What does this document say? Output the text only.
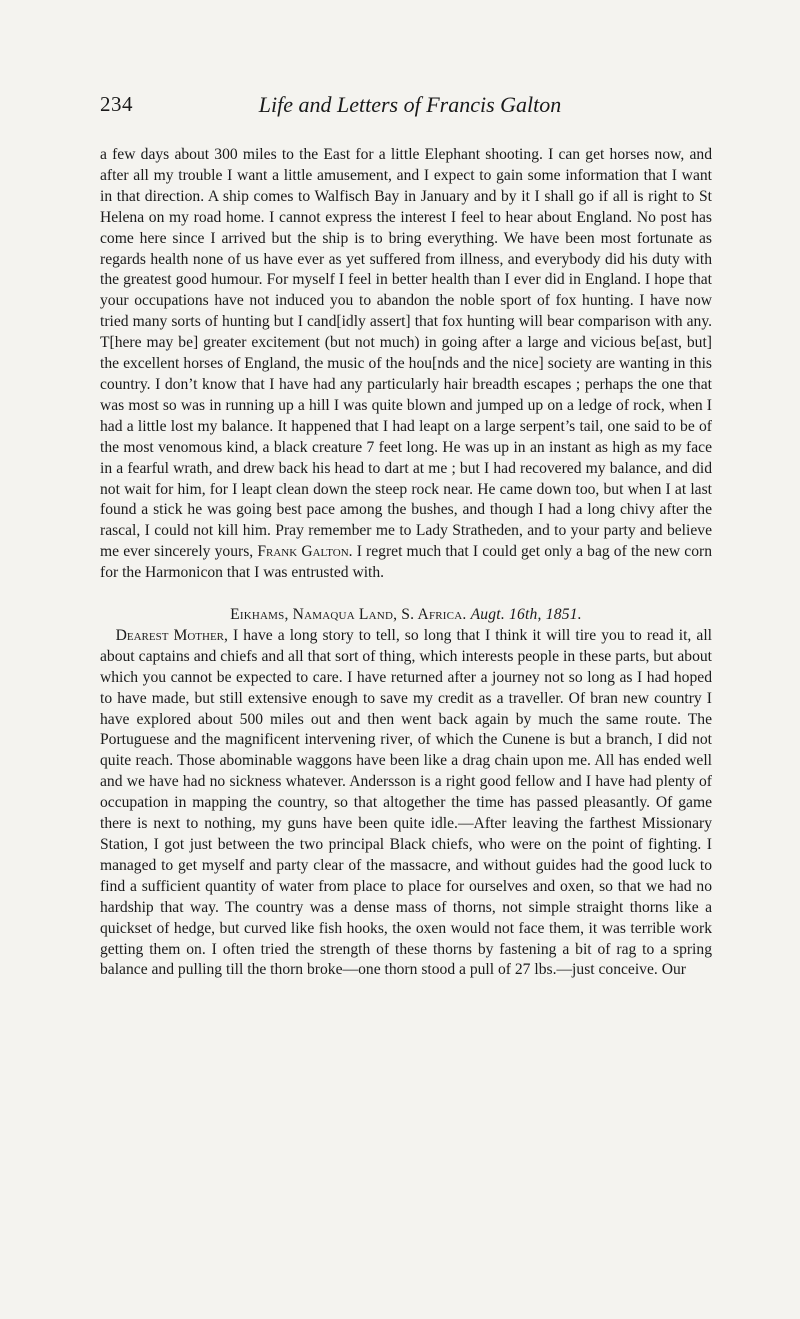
234	Life and Letters of Francis Galton

a few days about 300 miles to the East for a little Elephant shooting. I can get horses now, and after all my trouble I want a little amusement, and I expect to gain some information that I want in that direction. A ship comes to Walfisch Bay in January and by it I shall go if all is right to St Helena on my road home. I cannot express the interest I feel to hear about England. No post has come here since I arrived but the ship is to bring everything. We have been most fortunate as regards health none of us have ever as yet suffered from illness, and everybody did his duty with the greatest good humour. For myself I feel in better health than I ever did in England. I hope that your occupations have not induced you to abandon the noble sport of fox hunting. I have now tried many sorts of hunting but I cand[idly assert] that fox hunting will bear comparison with any. T[here may be] greater excitement (but not much) in going after a large and vicious be[ast, but] the excellent horses of England, the music of the hou[nds and the nice] society are wanting in this country. I don’t know that I have had any particularly hair breadth escapes ; perhaps the one that was most so was in running up a hill I was quite blown and jumped up on a ledge of rock, when I had a little lost my balance. It happened that I had leapt on a large serpent’s tail, one said to be of the most venomous kind, a black creature 7 feet long. He was up in an instant as high as my face in a fearful wrath, and drew back his head to dart at me ; but I had recovered my balance, and did not wait for him, for I leapt clean down the steep rock near. He came down too, but when I at last found a stick he was going best pace among the bushes, and though I had a long chivy after the rascal, I could not kill him. Pray remember me to Lady Stratheden, and to your party and believe me ever sincerely yours, Frank Galton. I regret much that I could get only a bag of the new corn for the Harmonicon that I was entrusted with.

Eikhams, Namaqua Land, S. Africa. Augt. 16th, 1851.

 Dearest Mother, I have a long story to tell, so long that I think it will tire you to read it, all about captains and chiefs and all that sort of thing, which interests people in these parts, but about which you cannot be expected to care. I have returned after a journey not so long as I had hoped to have made, but still extensive enough to save my credit as a traveller. Of bran new country I have explored about 500 miles out and then went back again by much the same route. The Portuguese and the magnificent intervening river, of which the Cunene is but a branch, I did not quite reach. Those abominable waggons have been like a drag chain upon me. All has ended well and we have had no sickness whatever. Andersson is a right good fellow and I have had plenty of occupation in mapping the country, so that altogether the time has passed pleasantly. Of game there is next to nothing, my guns have been quite idle.—After leaving the farthest Missionary Station, I got just between the two principal Black chiefs, who were on the point of fighting. I managed to get myself and party clear of the massacre, and without guides had the good luck to find a sufficient quantity of water from place to place for ourselves and oxen, so that we had no hardship that way. The country was a dense mass of thorns, not simple straight thorns like a quickset of hedge, but curved like fish hooks, the oxen would not face them, it was terrible work getting them on. I often tried the strength of these thorns by fastening a bit of rag to a spring balance and pulling till the thorn broke—one thorn stood a pull of 27 lbs.—just conceive. Our
